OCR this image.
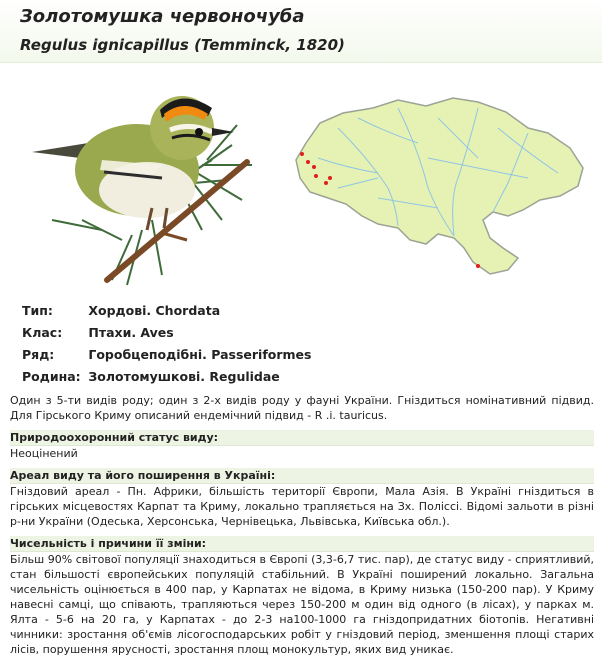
Золотомушка червоночуба
Regulus ignicapillus (Temminck, 1820)
Тип:	Хордові. Chordata
Клас: Птахи. Aves
Ряд:	Горобцеподібні. Passeriformes
Родина: Золотомушкові. Regulidae

Один з 5-ти видів роду; один з 2-х видів роду у фауні України. Гніздиться номінативний підвид. Для Гірського Криму описаний ендемічний підвид - R .i. tauricus.

Природоохоронний статус виду:

Неоцінений

Ареал виду та його поширення в Україні:

Гніздовий ареал - Пн. Африки, більшість території Європи, Мала Азія. В Україні гніздиться в гірських місцевостях Карпат та Криму, локально трапляється на Зх. Поліссі. Відомі зальоти в різні р-ни України (Одеська, Херсонська, Чернівецька, Львівська, Київська обл.).

Чисельність і причини її зміни:

Більш 90% світової популяції знаходиться в Європі (3,3-6,7 тис. пар), де статус виду - сприятливий, стан більшості європейських популяцій стабільний. В Україні поширений локально. Загальна чисельність оцінюється в 400 пар, у Карпатах не відома, в Криму низька (150-200 пар). У Криму навесні самці, що співають, трапляються через 150-200 м один від одного (в лісах), у парках м. Ялта - 5-6 на 20 га, у Карпатах - до 2-3 на100-1000 га гніздопридатних біотопів. Негативні чинники: зростання об'ємів лісогосподарських робіт у гніздовий період, зменшення площі старих лісів, порушення ярусності, зростання площ монокультур, яких вид уникає.
